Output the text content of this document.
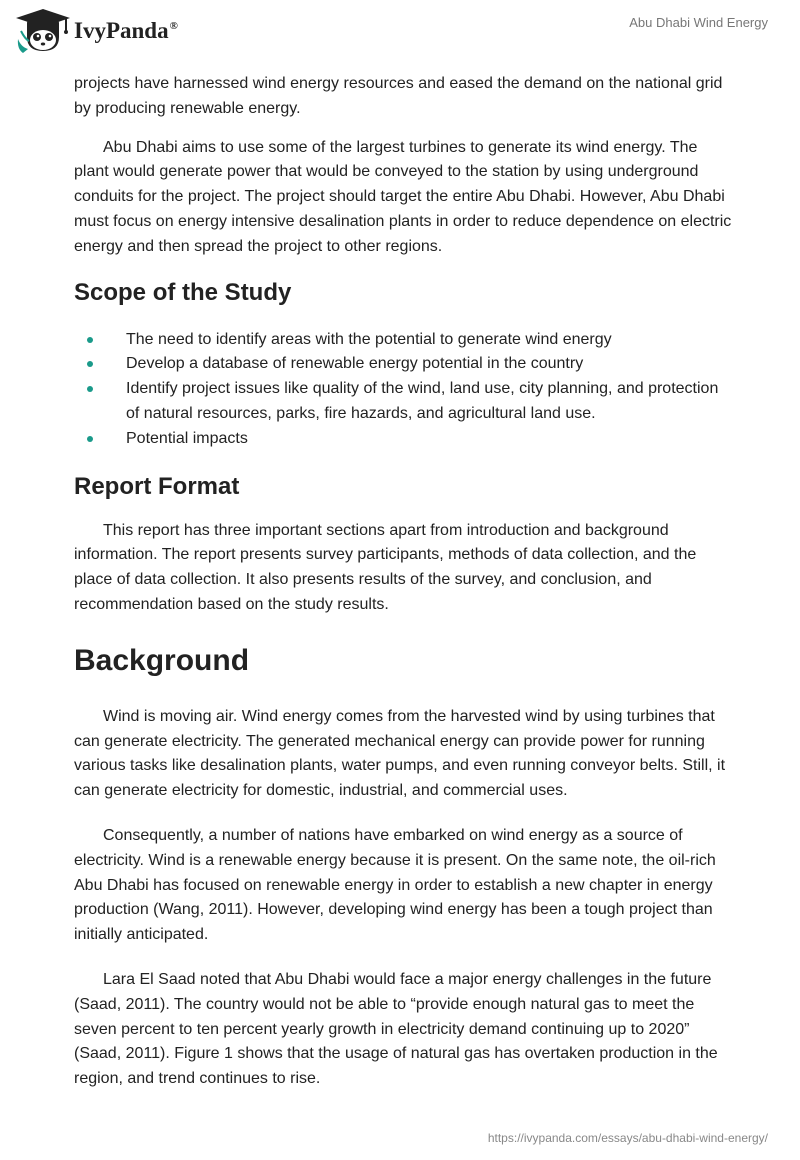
IvyPanda®	Abu Dhabi Wind Energy

projects have harnessed wind energy resources and eased the demand on the national grid by producing renewable energy.

Abu Dhabi aims to use some of the largest turbines to generate its wind energy. The plant would generate power that would be conveyed to the station by using underground conduits for the project. The project should target the entire Abu Dhabi. However, Abu Dhabi must focus on energy intensive desalination plants in order to reduce dependence on electric energy and then spread the project to other regions.

Scope of the Study
The need to identify areas with the potential to generate wind energy
Develop a database of renewable energy potential in the country
Identify project issues like quality of the wind, land use, city planning, and protection of natural resources, parks, fire hazards, and agricultural land use.
Potential impacts
Report Format

This report has three important sections apart from introduction and background information. The report presents survey participants, methods of data collection, and the place of data collection. It also presents results of the survey, and conclusion, and recommendation based on the study results.

Background

Wind is moving air. Wind energy comes from the harvested wind by using turbines that can generate electricity. The generated mechanical energy can provide power for running various tasks like desalination plants, water pumps, and even running conveyor belts. Still, it can generate electricity for domestic, industrial, and commercial uses.

Consequently, a number of nations have embarked on wind energy as a source of electricity. Wind is a renewable energy because it is present. On the same note, the oil-rich Abu Dhabi has focused on renewable energy in order to establish a new chapter in energy production (Wang, 2011). However, developing wind energy has been a tough project than initially anticipated.

Lara El Saad noted that Abu Dhabi would face a major energy challenges in the future (Saad, 2011). The country would not be able to “provide enough natural gas to meet the seven percent to ten percent yearly growth in electricity demand continuing up to 2020” (Saad, 2011). Figure 1 shows that the usage of natural gas has overtaken production in the region, and trend continues to rise.

https://ivypanda.com/essays/abu-dhabi-wind-energy/
